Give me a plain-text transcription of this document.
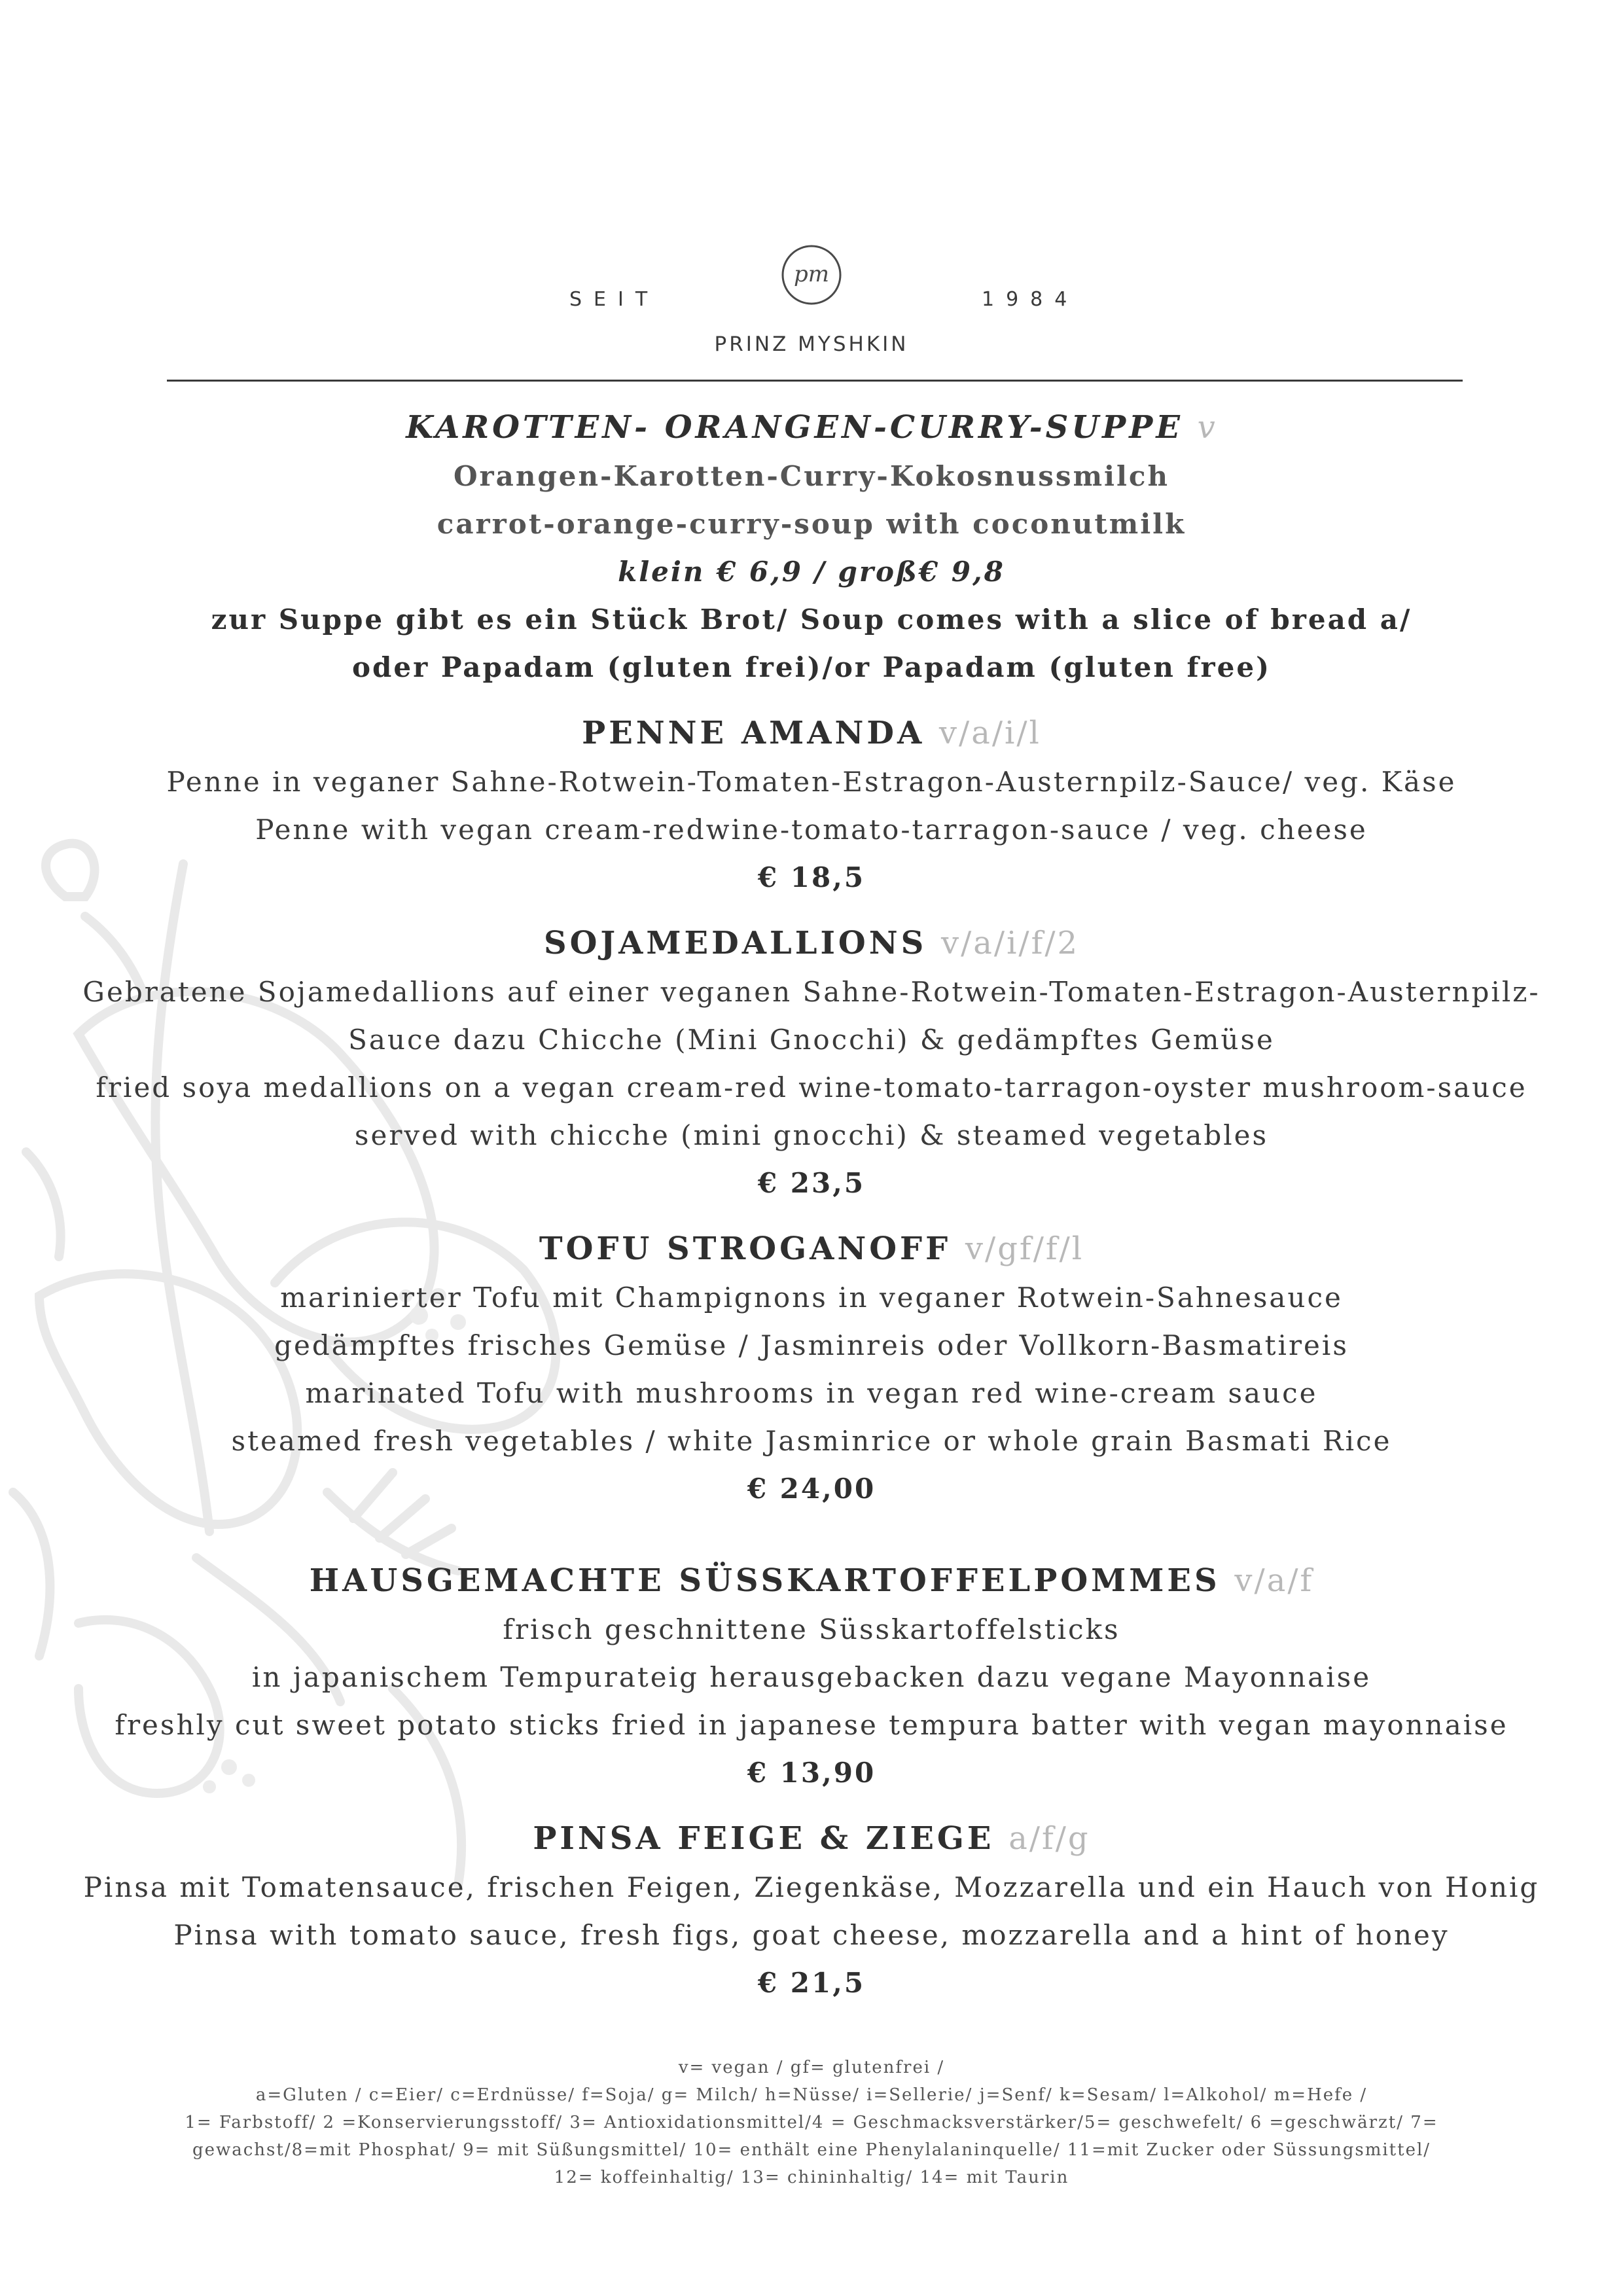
SEIT
pm
1984
PRINZ MYSHKIN
KAROTTEN- ORANGEN-CURRY-SUPPE v
Orangen-Karotten-Curry-Kokosnussmilch
carrot-orange-curry-soup with coconutmilk
klein € 6,9 / groß€ 9,8
zur Suppe gibt es ein Stück Brot/ Soup comes with a slice of bread a/
oder Papadam (gluten frei)/or Papadam (gluten free)
PENNE AMANDA v/a/i/l
Penne in veganer Sahne-Rotwein-Tomaten-Estragon-Austernpilz-Sauce/ veg. Käse
Penne with vegan cream-redwine-tomato-tarragon-sauce / veg. cheese
€ 18,5
SOJAMEDALLIONS v/a/i/f/2
Gebratene Sojamedallions auf einer veganen Sahne-Rotwein-Tomaten-Estragon-Austernpilz-
Sauce dazu Chicche (Mini Gnocchi) & gedämpftes Gemüse
fried soya medallions on a vegan cream-red wine-tomato-tarragon-oyster mushroom-sauce
served with chicche (mini gnocchi) & steamed vegetables
€ 23,5
TOFU STROGANOFF v/gf/f/l
marinierter Tofu mit Champignons in veganer Rotwein-Sahnesauce
gedämpftes frisches Gemüse / Jasminreis oder Vollkorn-Basmatireis
marinated Tofu with mushrooms in vegan red wine-cream sauce
steamed fresh vegetables / white Jasminrice or whole grain Basmati Rice
€ 24,00
HAUSGEMACHTE SÜSSKARTOFFELPOMMES v/a/f
frisch geschnittene Süsskartoffelsticks
in japanischem Tempurateig herausgebacken dazu vegane Mayonnaise
freshly cut sweet potato sticks fried in japanese tempura batter with vegan mayonnaise
€ 13,90
PINSA FEIGE & ZIEGE a/f/g
Pinsa mit Tomatensauce, frischen Feigen, Ziegenkäse, Mozzarella und ein Hauch von Honig
Pinsa with tomato sauce, fresh figs, goat cheese, mozzarella and a hint of honey
€ 21,5
v= vegan / gf= glutenfrei /
a=Gluten / c=Eier/ c=Erdnüsse/ f=Soja/ g= Milch/ h=Nüsse/ i=Sellerie/ j=Senf/ k=Sesam/ l=Alkohol/ m=Hefe /
1= Farbstoff/ 2 =Konservierungsstoff/ 3= Antioxidationsmittel/4 = Geschmacksverstärker/5= geschwefelt/ 6 =geschwärzt/ 7=
gewachst/8=mit Phosphat/ 9= mit Süßungsmittel/ 10= enthält eine Phenylalaninquelle/ 11=mit Zucker oder Süssungsmittel/
12= koffeinhaltig/ 13= chininhaltig/ 14= mit Taurin
